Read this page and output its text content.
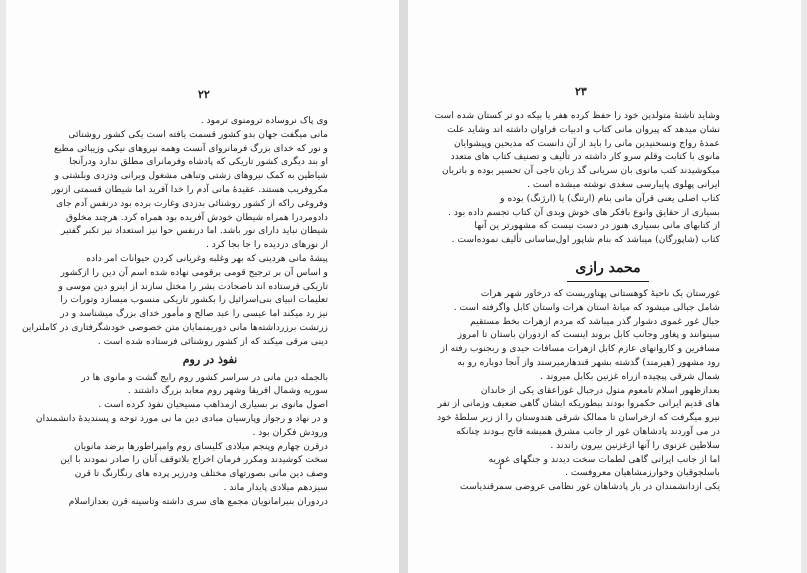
۲۲
وی پاک نروساده ترومنوی ترمود .
مانی میگفت جهان بدو کشور قسمت یافته است یکی کشور روشنائی
و نور که خدای بزرگ فرمانروای آنست وهمه نیروهای نیکی وزیبائی مطیع
او بند دیگری کشور تاریکی که پادشاه وفرمانرای مطلق ندارد ودرآنجا
شیاطین به کمک نیروهای زشتی وتباهی مشغول ویرانی ودزدی وبلشتی و
مکروفریب هستند. عقیدهٔ مانی آدم را خدا آفرید اما شیطان قسمتی ازنور
وفروغی راکه از کشور روشنائی بدزدی وغارت برده بود درنفس آدم جای
دادومردرا همراه شیطان خودش آفریده بود همراه کرد. هرچند مخلوق
شیطان نباید دارای نور باشد. اما درنفس حوا نیز استعداد نیز تکبر گفتیر
از نورهای دزدیده را جا بجا کرد .
پیشهٔ مانی هردینی که بهر وغلبه وغریانی کردن حیوانات امر داده
و اساس آن بر ترجیح قومی برقومی نهاده شده اسم آن دین را ازکشور
تاریکی فرستاده اند ناصحادت بشر را مختل سازند از اینرو دین موسی و
تعلیمات انبیای بنی‌اسرائیل را بکشور تاریکی منسوب میسازد وتورات را
نیز رد میکند اما عیسی را عبد صالح و مأمور خدای بزرگ میشناسد و در
زرتشت برزرداشته‌ها مانی دوریمنمایان متن خصوصی خودشگرفتاری در کاملتراین
دینی مرقی میکند که از کشور روشنائی فرستاده شده است .
نفوذ در روم
بالجمله دین مانی در سراسر کشور روم رایج گشت و مانوی ها در
سوریه وشمال افریقا وشهر روم معابد بزرگ داشتند .
اصول مانوی بر بسیاری ازمذاهب مسیحیان نفوذ کرده است .
و در نهاد و رجواز وپارسیان مبادی دین ما نی مورد توجه و پسندیدهٔ دانشمندان
ورودش فکران بود .
درقرن چهارم وپنجم میلادی کلیسای روم وامپراطورها برضد مانویان
سخت کوشیدند ومکرر فرمان اخراج بلاتوقف آنان را صادر نمودند با این
وصف دین مانی بصورتهای مختلف ودرزیر پرده های رنگارنگ تا قرن
سیزدهم میلادی پایدار ماند .
دردوران بنیرامانویان مجمع های سری داشته وتاسینه قرن بعدازاسلام
۲۳
وشاید تاشتهٔ متولدین خود را حفظ کرده‌ هفر یا بیکه دو تر کستان شده است
نشان میدهد که پیروان مانی کتاب و ادبیات فراوان داشته اند وشاید علت
عمدهٔ رواج ونسحنیدین مانی را باید از آن دانست که مدیحین وپیشوایان
مانوی با کتابت وقلم سرو کار داشته در تألیف و تصنیف کتاب های متعدد
میکوشیدند کتب مانوی بان سریانی گذ زبان تاجی آن تحسیر بوده و باتربان
ایرانی پهلوی پایبارسی سغدی نوشته میشده است .
کتاب اصلی یعنی قرآن مانی بنام (ارتنگ) یا (ارژنگ) بوده و
بسیاری از حقایق وانوع بافکر های خوش وبدی آن کتاب تجسم داده بود .
از کتابهای مانی بسیاری هنوز در دست نیست که مشهورتر ین آنها
کتاب (شاپورگان) میباشد که بنام شاپور اول‌ساسانی تألیف نموده‌است .
محمد رازی
غورستان یک ناحیهٔ کوهستانی پهناوریست که درخاور شهر هرات
شامل جبالی میشود که میانهٔ استان هرات واستان کابل واگرفته است .
جبال غور غموی دشوار گذر میباشد که مردم ازهرات بخط مستقیم
سینوانند و پغاور وجانب کابل بروند اینست که ازدوران باستان تا امروز
مسافرین و کاروانهای عازم کابل ازهرات مسافات حیدی و ربجنوب رفته از
رود مشهور (هیرمند) گذشته بشهر قندهارمیرسند واز آنجا دوباره رو به
شمال شرقی پیچیده ازراه غزنین بکابل میروند .
بعدازظهور اسلام تامعوم منول درجبال غوراعقای یکی از خاندان
های قدیم ایرانی حکمروا بودند ببطوریکه ایشان گاهی ضعیف وزمانی از تفر
نیرو میگرفت که ازخراسان تا ممالک شرقی هندوستان را از زیر سلطهٔ خود
در می آوردند پادشاهان غور از جانب مشرق همیشه فاتح بـودند چنانکه
سلاطین غزنوی را آنها ازغزنین بیرون راندند .
اما از جانب ایرانی گاهی لطمات سخت دیدند و جنگهای غوریه
باسلجوقیان وخوارزمشاهیان معروفست .
یکی ازدانشمندان در بار پادشاهان غور نظامی عروضی سمرقندیاست
ı
